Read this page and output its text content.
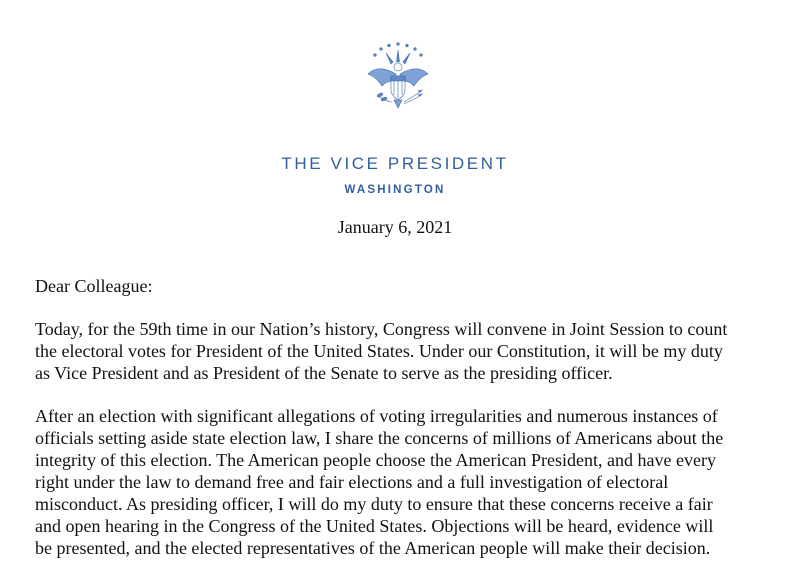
THE VICE PRESIDENT
WASHINGTON
January 6, 2021

Dear Colleague:

Today, for the 59th time in our Nation’s history, Congress will convene in Joint Session to count
the electoral votes for President of the United States. Under our Constitution, it will be my duty
as Vice President and as President of the Senate to serve as the presiding officer.
After an election with significant allegations of voting irregularities and numerous instances of
officials setting aside state election law, I share the concerns of millions of Americans about the
integrity of this election. The American people choose the American President, and have every
right under the law to demand free and fair elections and a full investigation of electoral
misconduct. As presiding officer, I will do my duty to ensure that these concerns receive a fair
and open hearing in the Congress of the United States. Objections will be heard, evidence will
be presented, and the elected representatives of the American people will make their decision.
